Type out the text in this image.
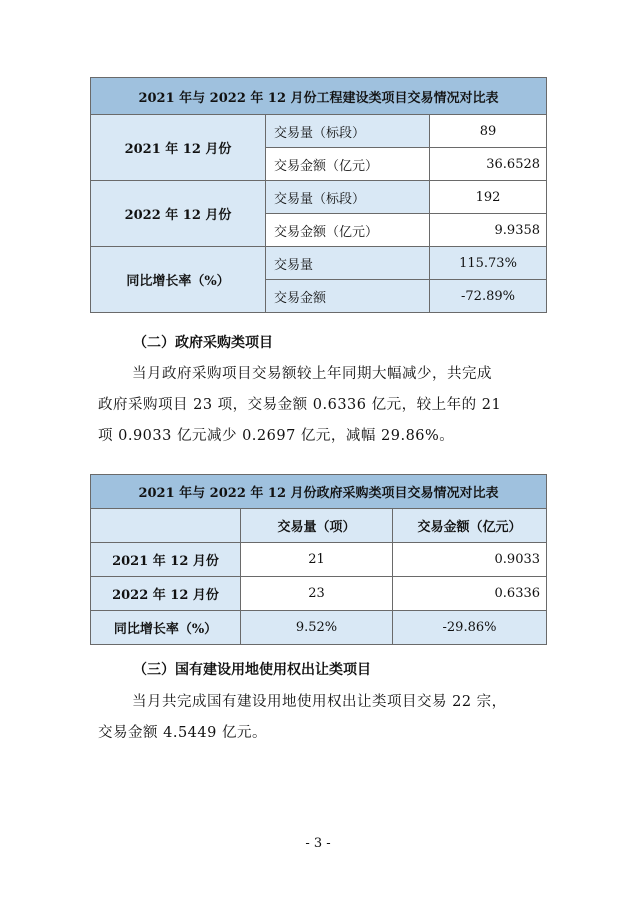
2021 年与 2022 年 12 月份工程建设类项目交易情况对比表		
2021 年 12 月份	交易量（标段）	89
	交易金额（亿元）	36.6528
2022 年 12 月份	交易量（标段）	192
	交易金额（亿元）	9.9358
同比增长率（%）	交易量	115.73%
	交易金额	-72.89%
（二）政府采购类项目
当月政府采购项目交易额较上年同期大幅减少，共完成
政府采购项目 23 项，交易金额 0.6336 亿元，较上年的 21
项 0.9033 亿元减少 0.2697 亿元，减幅 29.86%。
2021 年与 2022 年 12 月份政府采购类项目交易情况对比表		
	交易量（项）	交易金额（亿元）
2021 年 12 月份	21	0.9033
2022 年 12 月份	23	0.6336
同比增长率（%）	9.52%	-29.86%
（三）国有建设用地使用权出让类项目
当月共完成国有建设用地使用权出让类项目交易 22 宗，
交易金额 4.5449 亿元。
- 3 -
